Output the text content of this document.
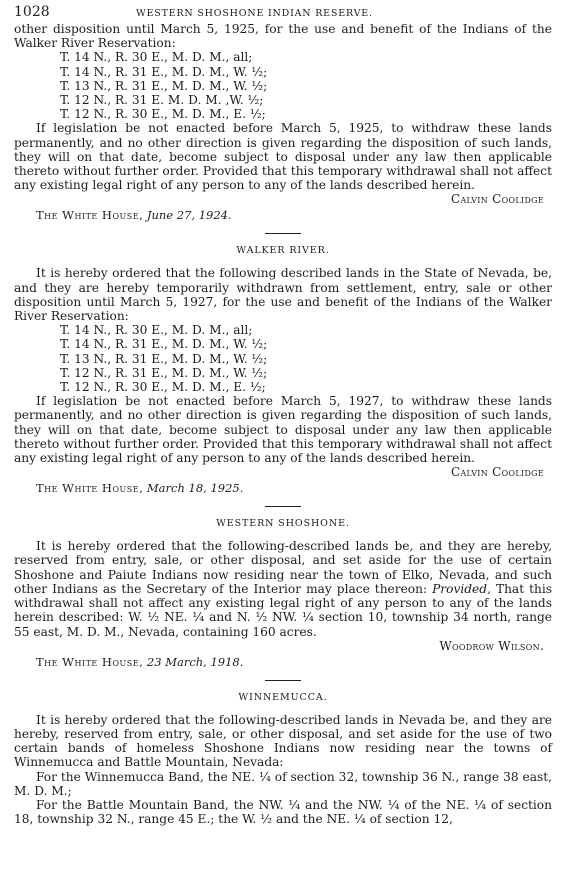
1028	WESTERN SHOSHONE INDIAN RESERVE.

other disposition until March 5, 1925, for the use and benefit of the Indians of the Walker River Reservation:

T. 14 N., R. 30 E., M. D. M., all;
T. 14 N., R. 31 E., M. D. M., W. ½;
T. 13 N., R. 31 E., M. D. M., W. ½;
T. 12 N., R. 31 E. M. D. M. ,W. ½;
T. 12 N., R. 30 E., M. D. M., E. ½;

If legislation be not enacted before March 5, 1925, to withdraw these lands permanently, and no other direction is given regarding the disposition of such lands, they will on that date, become subject to disposal under any law then applicable thereto without further order. Provided that this temporary withdrawal shall not affect any existing legal right of any person to any of the lands described herein.

Calvin Coolidge
The White House, June 27, 1924.
WALKER RIVER.

It is hereby ordered that the following described lands in the State of Nevada, be, and they are hereby temporarily withdrawn from settlement, entry, sale or other disposition until March 5, 1927, for the use and benefit of the Indians of the Walker River Reservation:

T. 14 N., R. 30 E., M. D. M., all;
T. 14 N., R. 31 E., M. D. M., W. ½;
T. 13 N., R. 31 E., M. D. M., W. ½;
T. 12 N., R. 31 E., M. D. M., W. ½;
T. 12 N., R. 30 E., M. D. M., E. ½;

If legislation be not enacted before March 5, 1927, to withdraw these lands permanently, and no other direction is given regarding the disposition of such lands, they will on that date, become subject to disposal under any law then applicable thereto without further order. Provided that this temporary withdrawal shall not affect any existing legal right of any person to any of the lands described herein.

Calvin Coolidge
The White House, March 18, 1925.
WESTERN SHOSHONE.

It is hereby ordered that the following-described lands be, and they are hereby, reserved from entry, sale, or other disposal, and set aside for the use of certain Shoshone and Paiute Indians now residing near the town of Elko, Nevada, and such other Indians as the Secretary of the Interior may place thereon: Provided, That this withdrawal shall not affect any existing legal right of any person to any of the lands herein described: W. ½ NE. ¼ and N. ½ NW. ¼ section 10, township 34 north, range 55 east, M. D. M., Nevada, containing 160 acres.

Woodrow Wilson.
The White House, 23 March, 1918.
WINNEMUCCA.

It is hereby ordered that the following-described lands in Nevada be, and they are hereby, reserved from entry, sale, or other disposal, and set aside for the use of two certain bands of homeless Shoshone Indians now residing near the towns of Winnemucca and Battle Mountain, Nevada:

For the Winnemucca Band, the NE. ¼ of section 32, township 36 N., range 38 east, M. D. M.;

For the Battle Mountain Band, the NW. ¼ and the NW. ¼ of the NE. ¼ of section 18, township 32 N., range 45 E.; the W. ½ and the NE. ¼ of section 12,
